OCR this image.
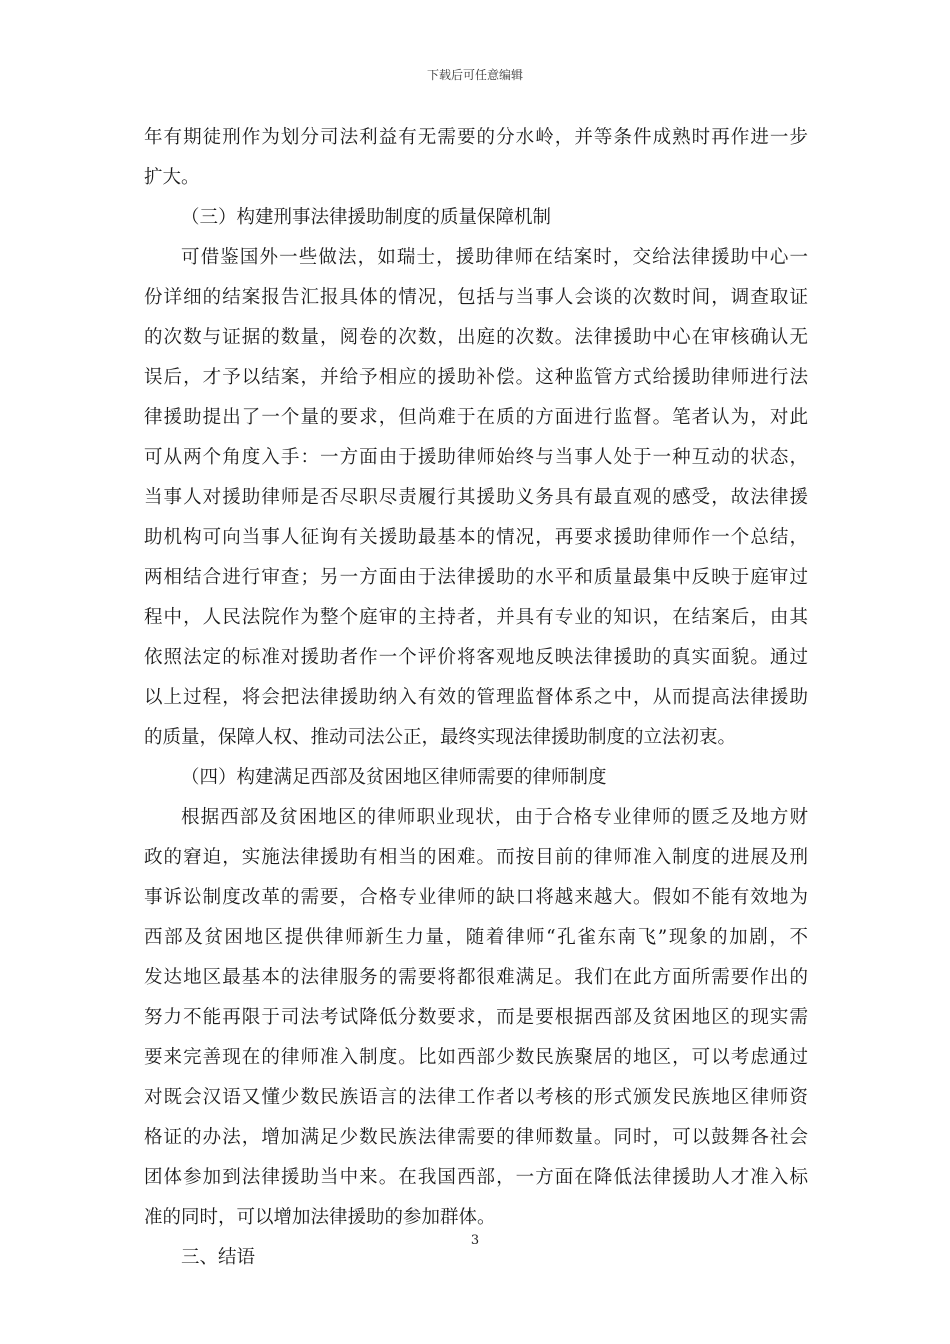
下载后可任意编辑
年有期徒刑作为划分司法利益有无需要的分水岭，并等条件成熟时再作进一步
扩大。
（三）构建刑事法律援助制度的质量保障机制
可借鉴国外一些做法，如瑞士，援助律师在结案时，交给法律援助中心一
份详细的结案报告汇报具体的情况，包括与当事人会谈的次数时间，调查取证
的次数与证据的数量，阅卷的次数，出庭的次数。法律援助中心在审核确认无
误后，才予以结案，并给予相应的援助补偿。这种监管方式给援助律师进行法
律援助提出了一个量的要求，但尚难于在质的方面进行监督。笔者认为，对此
可从两个角度入手：一方面由于援助律师始终与当事人处于一种互动的状态，
当事人对援助律师是否尽职尽责履行其援助义务具有最直观的感受，故法律援
助机构可向当事人征询有关援助最基本的情况，再要求援助律师作一个总结，
两相结合进行审查；另一方面由于法律援助的水平和质量最集中反映于庭审过
程中，人民法院作为整个庭审的主持者，并具有专业的知识，在结案后，由其
依照法定的标准对援助者作一个评价将客观地反映法律援助的真实面貌。通过
以上过程，将会把法律援助纳入有效的管理监督体系之中，从而提高法律援助
的质量，保障人权、推动司法公正，最终实现法律援助制度的立法初衷。
（四）构建满足西部及贫困地区律师需要的律师制度
根据西部及贫困地区的律师职业现状，由于合格专业律师的匮乏及地方财
政的窘迫，实施法律援助有相当的困难。而按目前的律师准入制度的进展及刑
事诉讼制度改革的需要，合格专业律师的缺口将越来越大。假如不能有效地为
西部及贫困地区提供律师新生力量，随着律师“孔雀东南飞”现象的加剧，不
发达地区最基本的法律服务的需要将都很难满足。我们在此方面所需要作出的
努力不能再限于司法考试降低分数要求，而是要根据西部及贫困地区的现实需
要来完善现在的律师准入制度。比如西部少数民族聚居的地区，可以考虑通过
对既会汉语又懂少数民族语言的法律工作者以考核的形式颁发民族地区律师资
格证的办法，增加满足少数民族法律需要的律师数量。同时，可以鼓舞各社会
团体参加到法律援助当中来。在我国西部，一方面在降低法律援助人才准入标
准的同时，可以增加法律援助的参加群体。
三、结语
3
